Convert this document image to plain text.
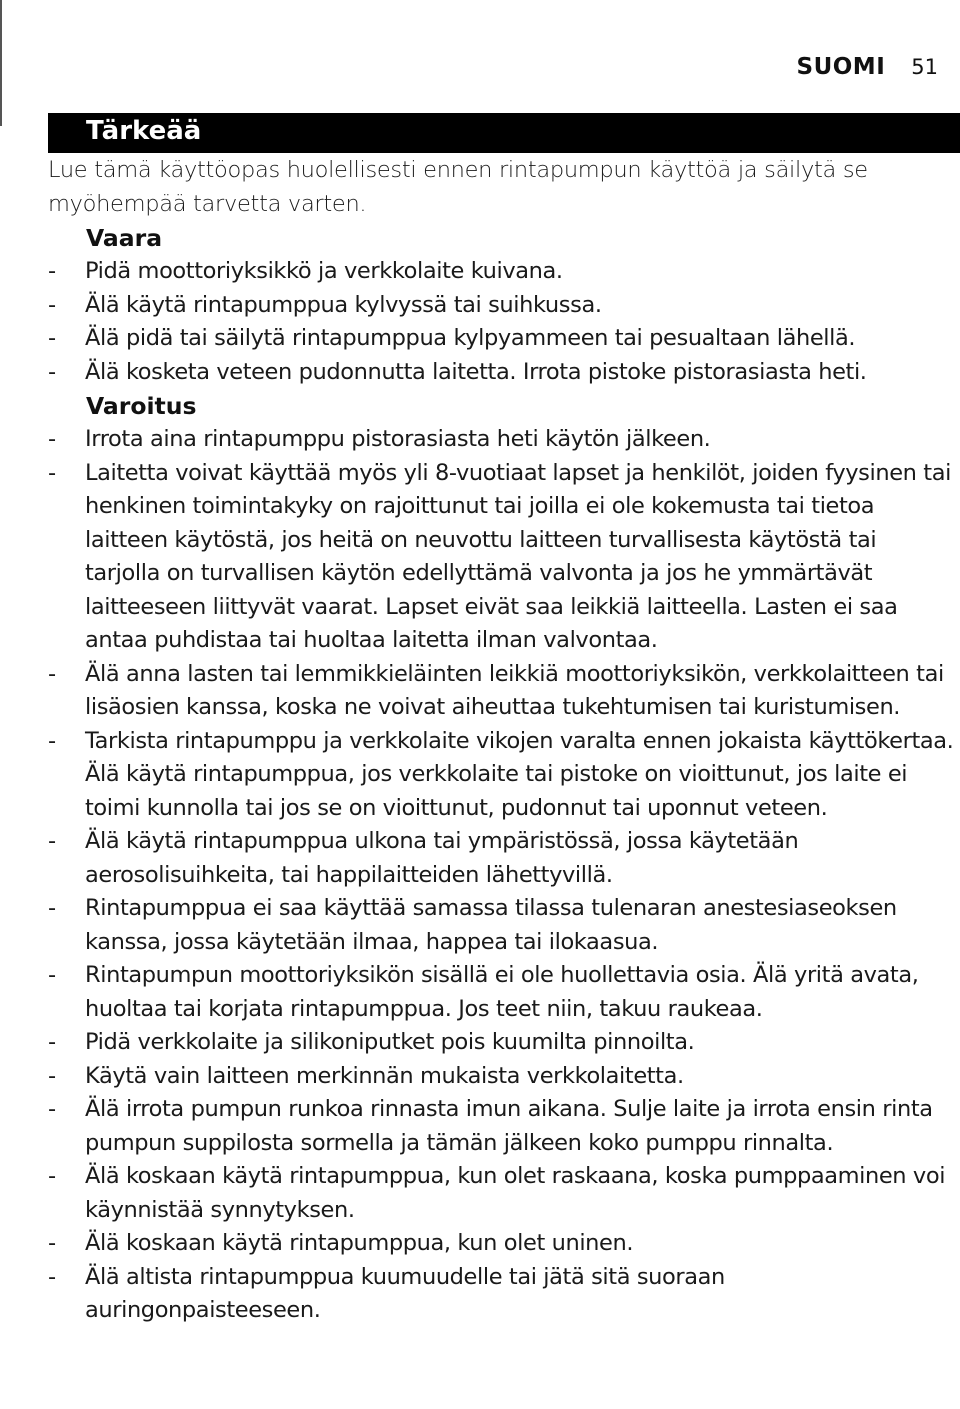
SUOMI 51
Tärkeää

Lue tämä käyttöopas huolellisesti ennen rintapumpun käyttöä ja säilytä se myöhempää tarvetta varten.

Vaara
- Pidä moottoriyksikkö ja verkkolaite kuivana.
- Älä käytä rintapumppua kylvyssä tai suihkussa.
- Älä pidä tai säilytä rintapumppua kylpyammeen tai pesualtaan lähellä.
- Älä kosketa veteen pudonnutta laitetta. Irrota pistoke pistorasiasta heti.
Varoitus
- Irrota aina rintapumppu pistorasiasta heti käytön jälkeen.
- Laitetta voivat käyttää myös yli 8-vuotiaat lapset ja henkilöt, joiden fyysinen tai henkinen toimintakyky on rajoittunut tai joilla ei ole kokemusta tai tietoa laitteen käytöstä, jos heitä on neuvottu laitteen turvallisesta käytöstä tai tarjolla on turvallisen käytön edellyttämä valvonta ja jos he ymmärtävät laitteeseen liittyvät vaarat. Lapset eivät saa leikkiä laitteella. Lasten ei saa antaa puhdistaa tai huoltaa laitetta ilman valvontaa.
- Älä anna lasten tai lemmikkieläinten leikkiä moottoriyksikön, verkkolaitteen tai lisäosien kanssa, koska ne voivat aiheuttaa tukehtumisen tai kuristumisen.
- Tarkista rintapumppu ja verkkolaite vikojen varalta ennen jokaista käyttökertaa. Älä käytä rintapumppua, jos verkkolaite tai pistoke on vioittunut, jos laite ei toimi kunnolla tai jos se on vioittunut, pudonnut tai uponnut veteen.
- Älä käytä rintapumppua ulkona tai ympäristössä, jossa käytetään aerosolisuihkeita, tai happilaitteiden lähettyvillä.
- Rintapumppua ei saa käyttää samassa tilassa tulenaran anestesiaseoksen kanssa, jossa käytetään ilmaa, happea tai ilokaasua.
- Rintapumpun moottoriyksikön sisällä ei ole huollettavia osia. Älä yritä avata, huoltaa tai korjata rintapumppua. Jos teet niin, takuu raukeaa.
- Pidä verkkolaite ja silikoniputket pois kuumilta pinnoilta.
- Käytä vain laitteen merkinnän mukaista verkkolaitetta.
- Älä irrota pumpun runkoa rinnasta imun aikana. Sulje laite ja irrota ensin rinta pumpun suppilosta sormella ja tämän jälkeen koko pumppu rinnalta.
- Älä koskaan käytä rintapumppua, kun olet raskaana, koska pumppaaminen voi käynnistää synnytyksen.
- Älä koskaan käytä rintapumppua, kun olet uninen.
- Älä altista rintapumppua kuumuudelle tai jätä sitä suoraan auringonpaisteeseen.
